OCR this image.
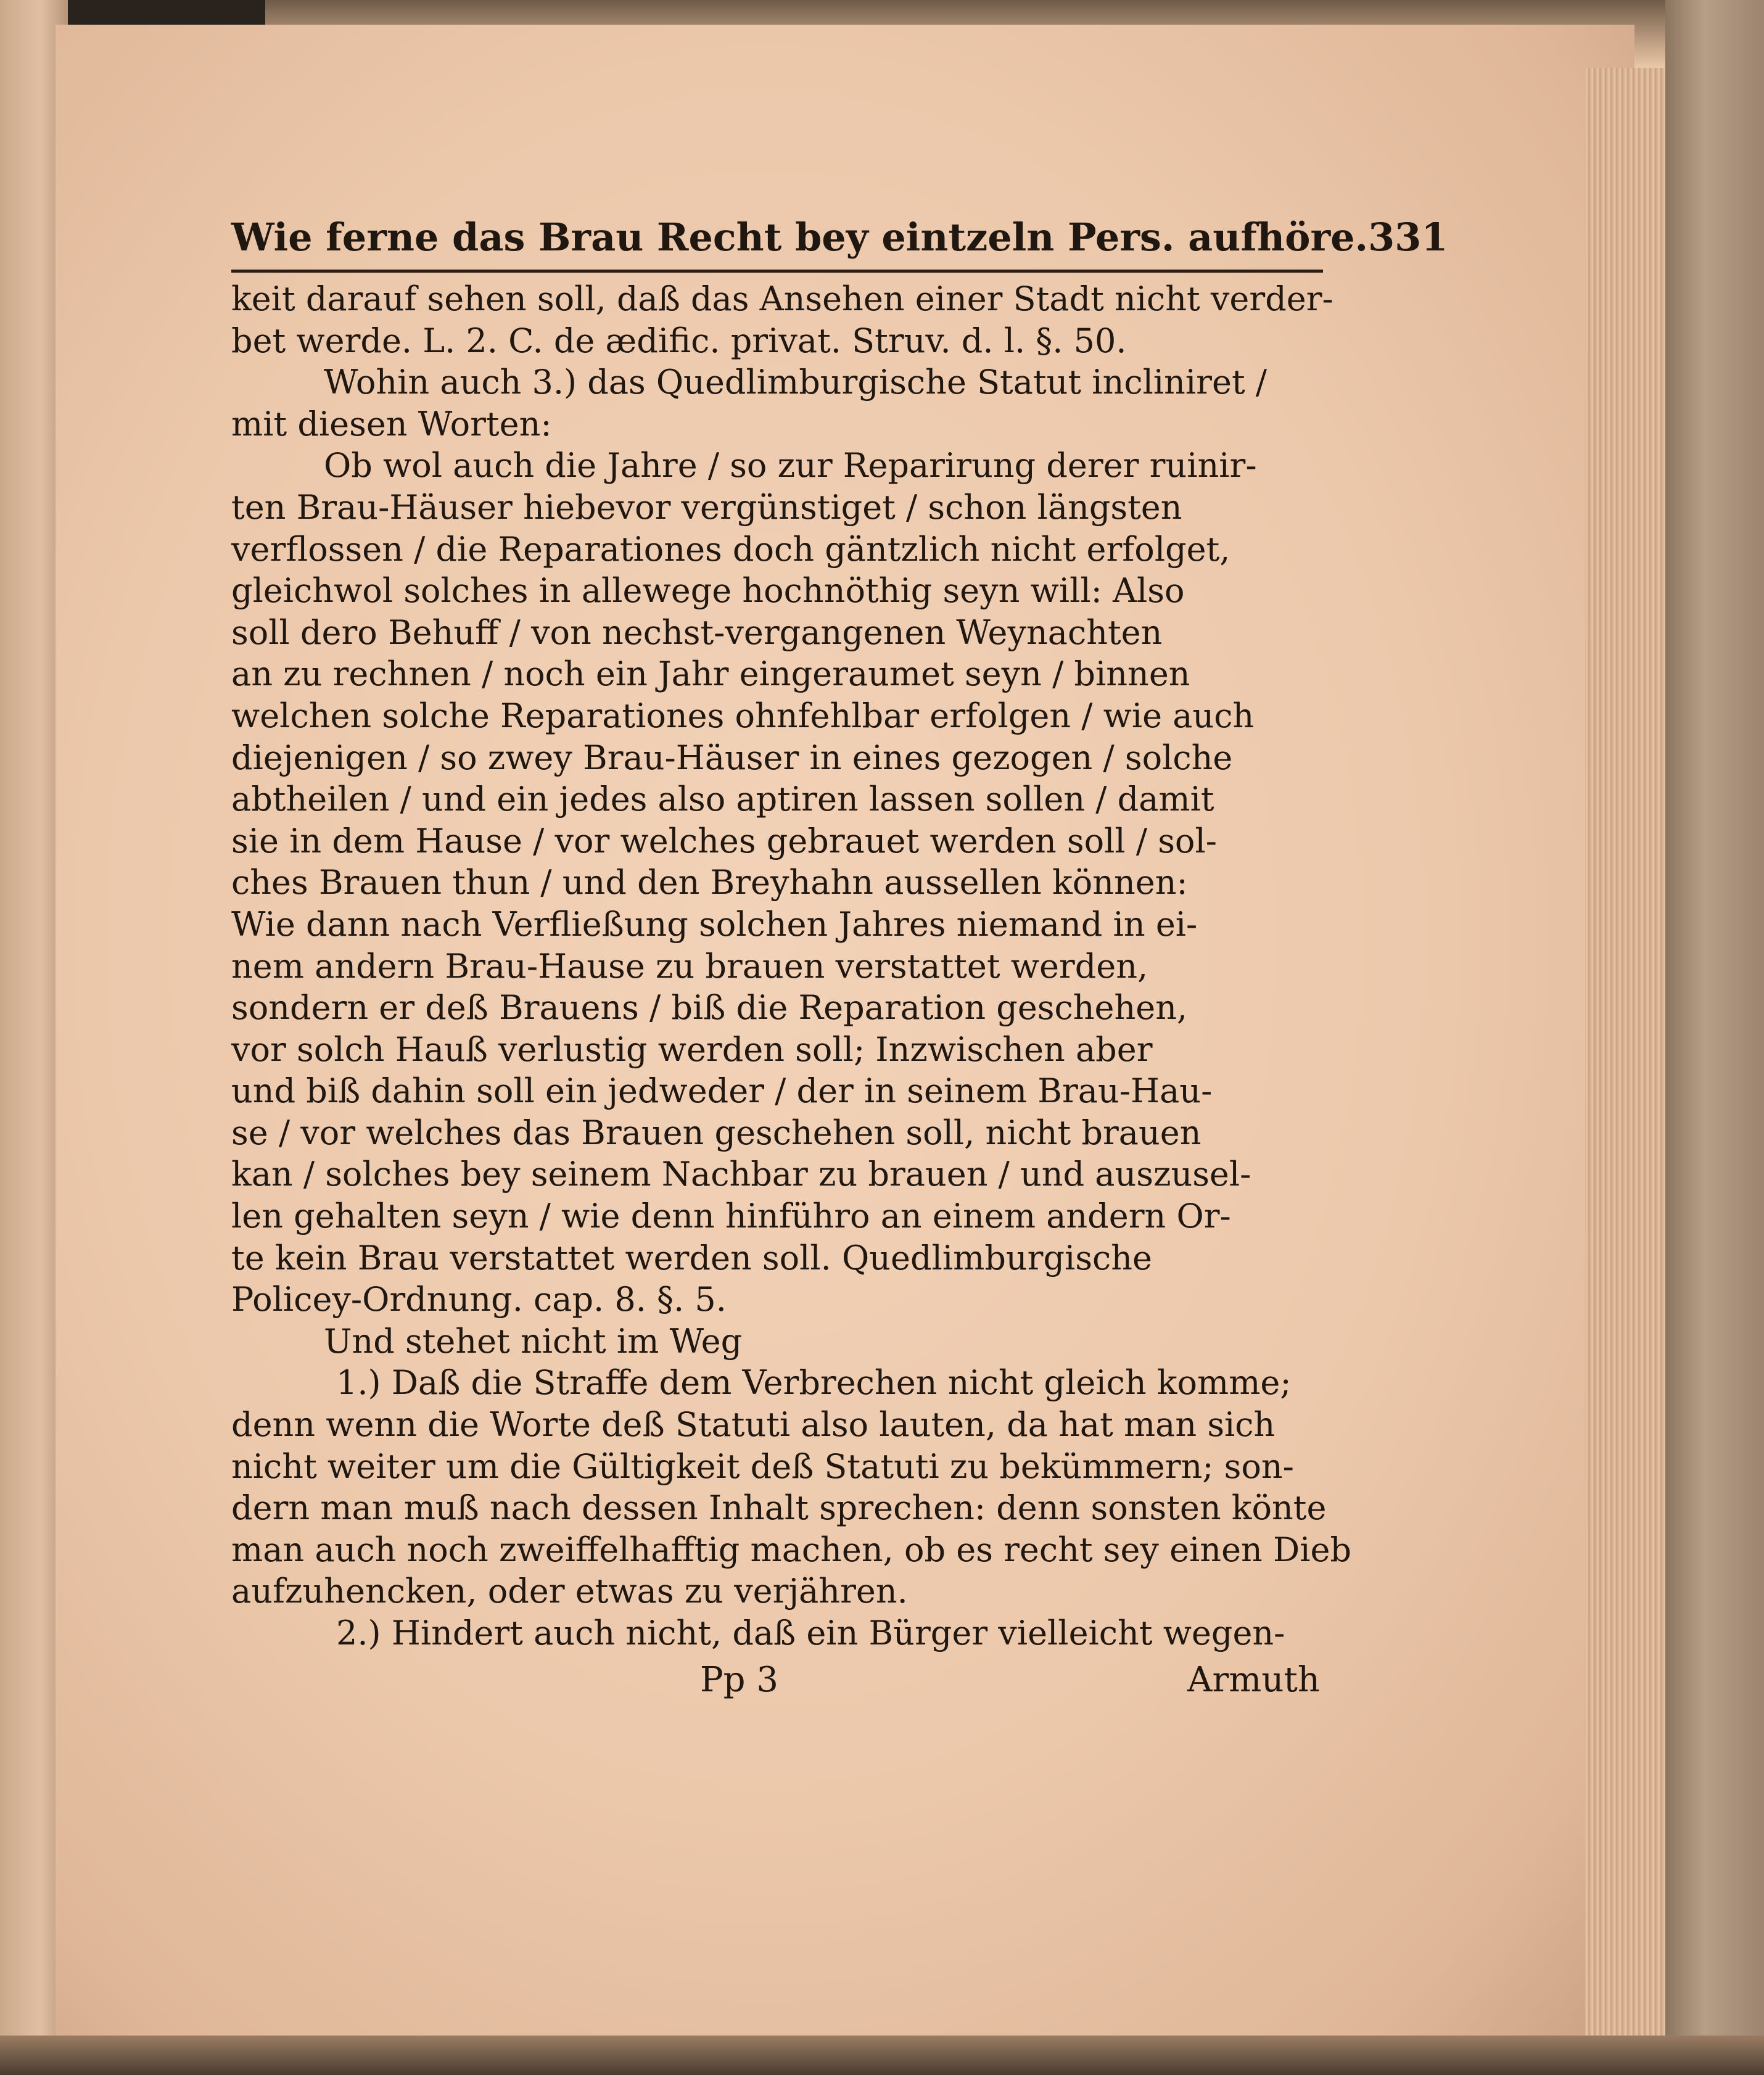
Wie ferne das Brau Recht bey eintzeln Pers. aufhöre. 331
keit darauf sehen soll, daß das Ansehen einer Stadt nicht verder-
bet werde. L. 2. C. de ædific. privat. Struv. d. l. §. 50.
Wohin auch 3.) das Quedlimburgische Statut incliniret /
mit diesen Worten:
Ob wol auch die Jahre / so zur Reparirung derer ruinir-
ten Brau-Häuser hiebevor vergünstiget / schon längsten
verflossen / die Reparationes doch gäntzlich nicht erfolget,
gleichwol solches in allewege hochnöthig seyn will: Also
soll dero Behuff / von nechst-vergangenen Weynachten
an zu rechnen / noch ein Jahr eingeraumet seyn / binnen
welchen solche Reparationes ohnfehlbar erfolgen / wie auch
diejenigen / so zwey Brau-Häuser in eines gezogen / solche
abtheilen / und ein jedes also aptiren lassen sollen / damit
sie in dem Hause / vor welches gebrauet werden soll / sol-
ches Brauen thun / und den Breyhahn aussellen können:
Wie dann nach Verfließung solchen Jahres niemand in ei-
nem andern Brau-Hause zu brauen verstattet werden,
sondern er deß Brauens / biß die Reparation geschehen,
vor solch Hauß verlustig werden soll; Inzwischen aber
und biß dahin soll ein jedweder / der in seinem Brau-Hau-
se / vor welches das Brauen geschehen soll, nicht brauen
kan / solches bey seinem Nachbar zu brauen / und auszusel-
len gehalten seyn / wie denn hinführo an einem andern Or-
te kein Brau verstattet werden soll. Quedlimburgische
Policey-Ordnung. cap. 8. §. 5.
Und stehet nicht im Weg
1.) Daß die Straffe dem Verbrechen nicht gleich komme;
denn wenn die Worte deß Statuti also lauten, da hat man sich
nicht weiter um die Gültigkeit deß Statuti zu bekümmern; son-
dern man muß nach dessen Inhalt sprechen: denn sonsten könte
man auch noch zweiffelhafftig machen, ob es recht sey einen Dieb
aufzuhencken, oder etwas zu verjähren.
2.) Hindert auch nicht, daß ein Bürger vielleicht wegen-
Pp 3	Armuth
